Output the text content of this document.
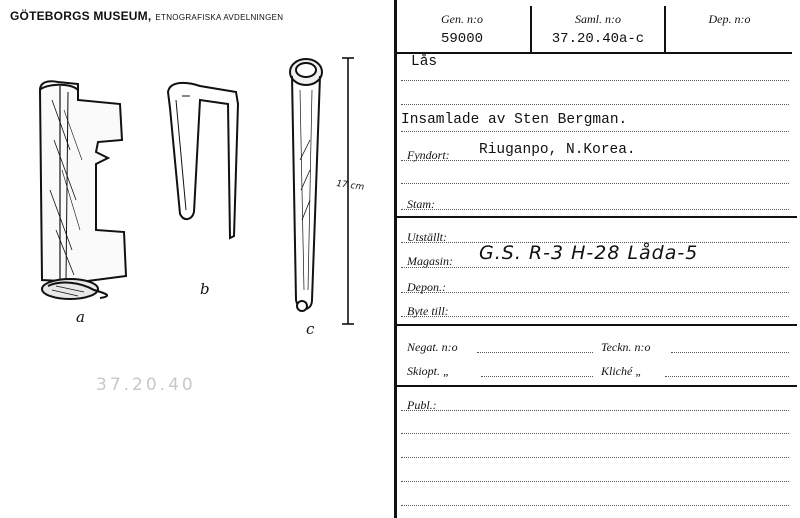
GÖTEBORGS MUSEUM, ETNOGRAFISKA AVDELNINGEN
17 cm
a
b
c
37.20.40
Gen. n:o
59000
Saml. n:o
37.20.40a-c
Dep. n:o
Lås
Insamlade av Sten Bergman.
Fyndort: Riuganpo, N.Korea.
Stam:
Utställt:
Magasin: G.S. R-3 H-28 Låda-5
Depon.:
Byte till:
Negat. n:o	Teckn. n:o
Skiopt. „	Kliché „
Publ.:
